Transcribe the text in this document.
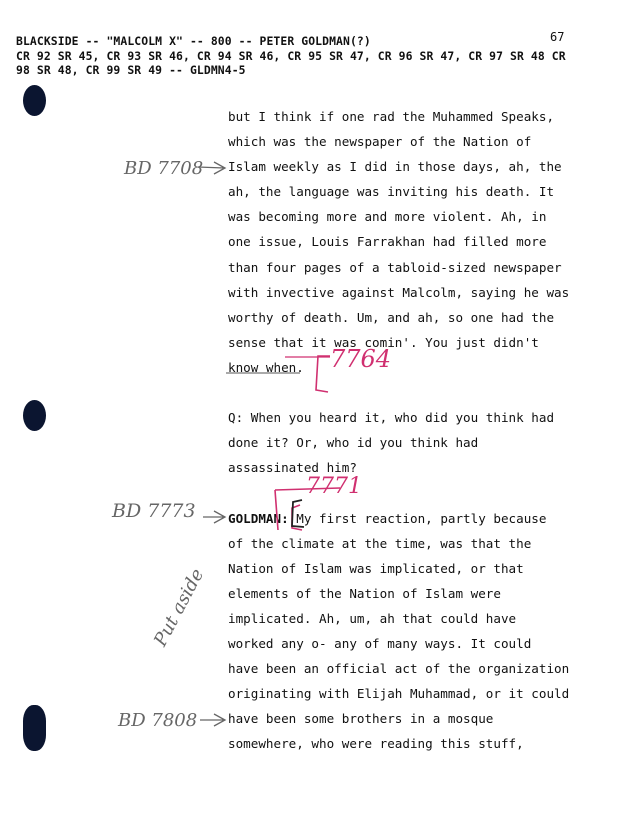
BLACKSIDE -- "MALCOLM X" -- 800 -- PETER GOLDMAN(?)
CR 92 SR 45, CR 93 SR 46, CR 94 SR 46, CR 95 SR 47, CR 96 SR 47, CR 97 SR 48 CR
98 SR 48, CR 99 SR 49 -- GLDMN4-5
67
but I think if one rad the Muhammed Speaks,
which was the newspaper of the Nation of
Islam weekly as I did in those days, ah, the
ah, the language was inviting his death. It
was becoming more and more violent. Ah, in
one issue, Louis Farrakhan had filled more
than four pages of a tabloid-sized newspaper
with invective against Malcolm, saying he was
worthy of death. Um, and ah, so one had the
sense that it was comin'. You just didn't
know when.
Q: When you heard it, who did you think had
done it? Or, who id you think had
assassinated him?
GOLDMAN: My first reaction, partly because
of the climate at the time, was that the
Nation of Islam was implicated, or that
elements of the Nation of Islam were
implicated. Ah, um, ah that could have
worked any o- any of many ways. It could
have been an official act of the organization
originating with Elijah Muhammad, or it could
have been some brothers in a mosque
somewhere, who were reading this stuff,
BD 7708
7764
BD 7773
7771
Put aside
BD 7808
